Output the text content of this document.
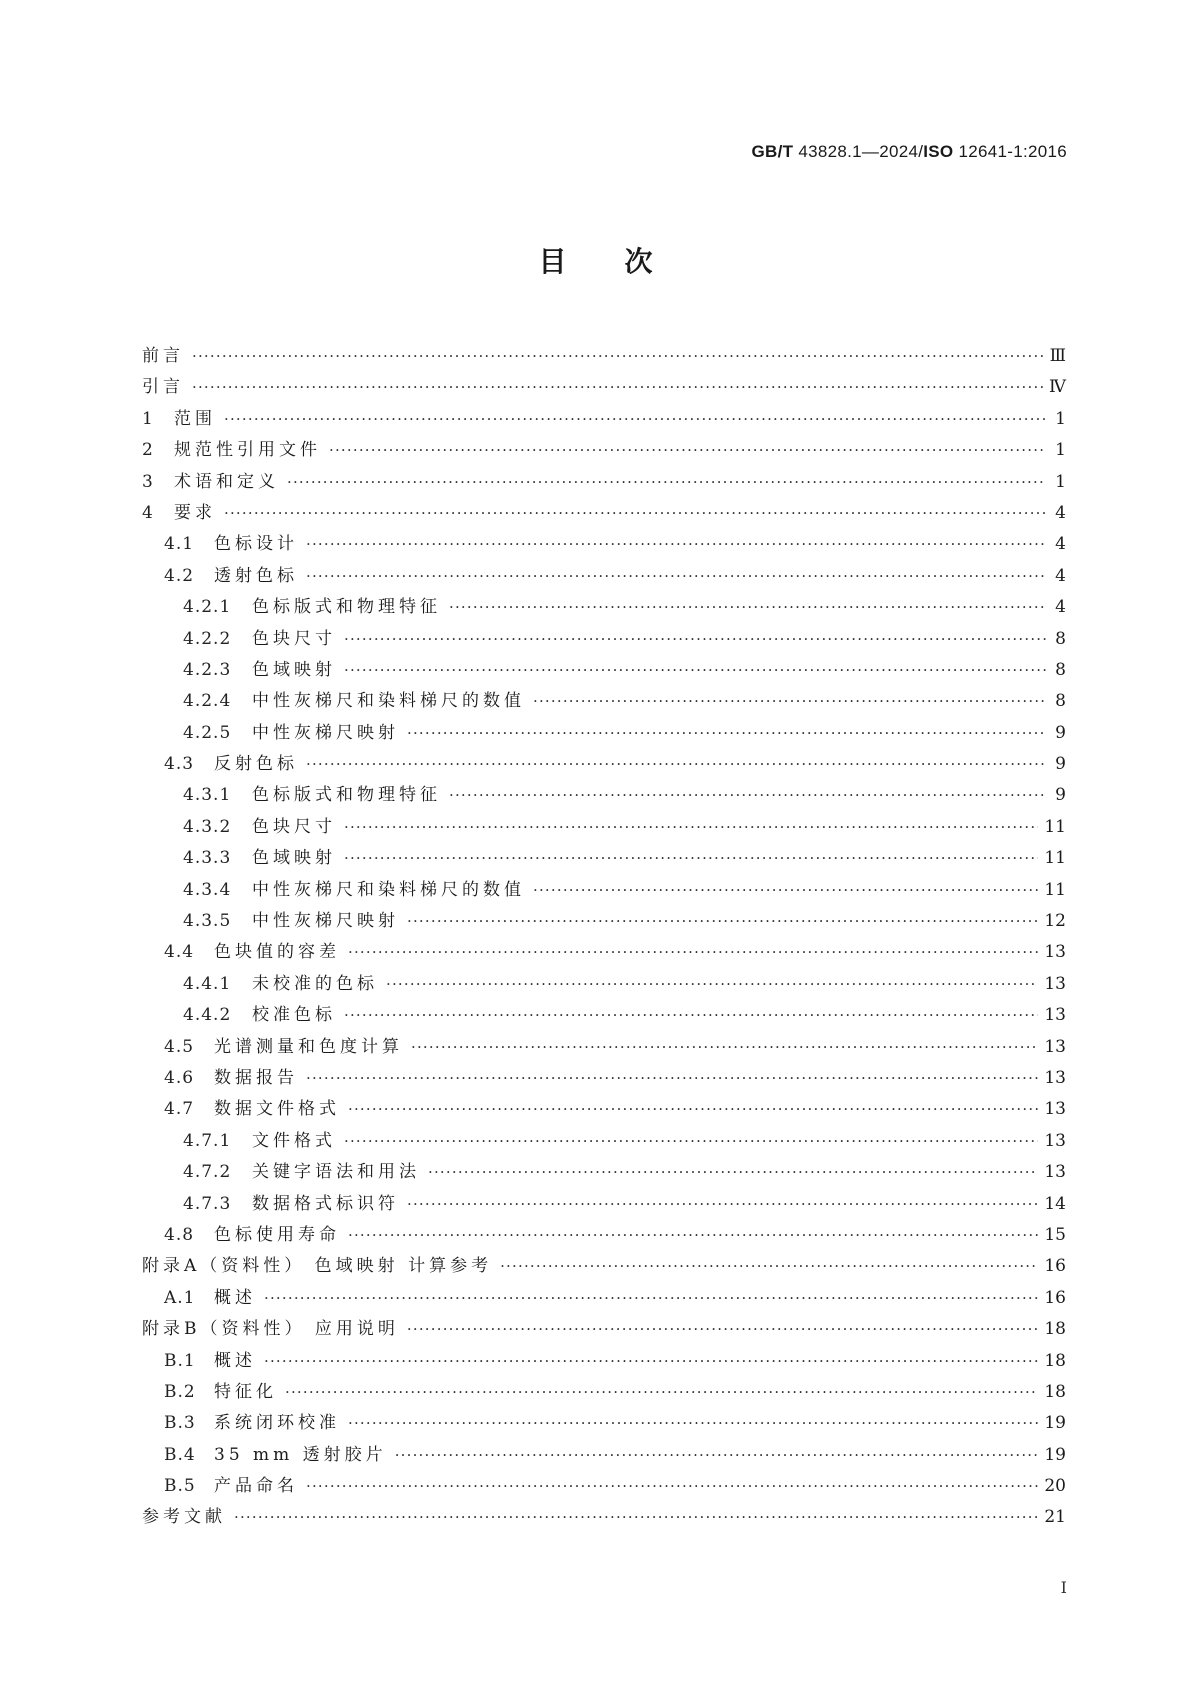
GB/T 43828.1—2024/ISO 12641-1:2016
目 次
前言 ·····	Ⅲ
引言 ·····	Ⅳ
1	范围 ·····	1
2	规范性引用文件 ·····	1
3	术语和定义 ·····	1
4	要求 ·····	4
4.1	色标设计 ·····	4
4.2	透射色标 ·····	4
4.2.1	色标版式和物理特征 ·····	4
4.2.2	色块尺寸 ·····	8
4.2.3	色域映射 ·····	8
4.2.4	中性灰梯尺和染料梯尺的数值 ·····	8
4.2.5	中性灰梯尺映射 ·····	9
4.3	反射色标 ·····	9
4.3.1	色标版式和物理特征 ·····	9
4.3.2	色块尺寸 ·····	11
4.3.3	色域映射 ·····	11
4.3.4	中性灰梯尺和染料梯尺的数值 ·····	11
4.3.5	中性灰梯尺映射 ·····	12
4.4	色块值的容差 ·····	13
4.4.1	未校准的色标 ·····	13
4.4.2	校准色标 ·····	13
4.5	光谱测量和色度计算 ·····	13
4.6	数据报告 ·····	13
4.7	数据文件格式 ·····	13
4.7.1	文件格式 ·····	13
4.7.2	关键字语法和用法 ·····	13
4.7.3	数据格式标识符 ·····	14
4.8	色标使用寿命 ·····	15
附录A（资料性） 色域映射 计算参考 ·····	16
A.1	概述 ·····	16
附录B（资料性） 应用说明 ·····	18
B.1	概述 ·····	18
B.2	特征化 ·····	18
B.3	系统闭环校准 ·····	19
B.4	35 mm 透射胶片 ·····	19
B.5	产品命名 ·····	20
参考文献 ·····	21
Ⅰ
